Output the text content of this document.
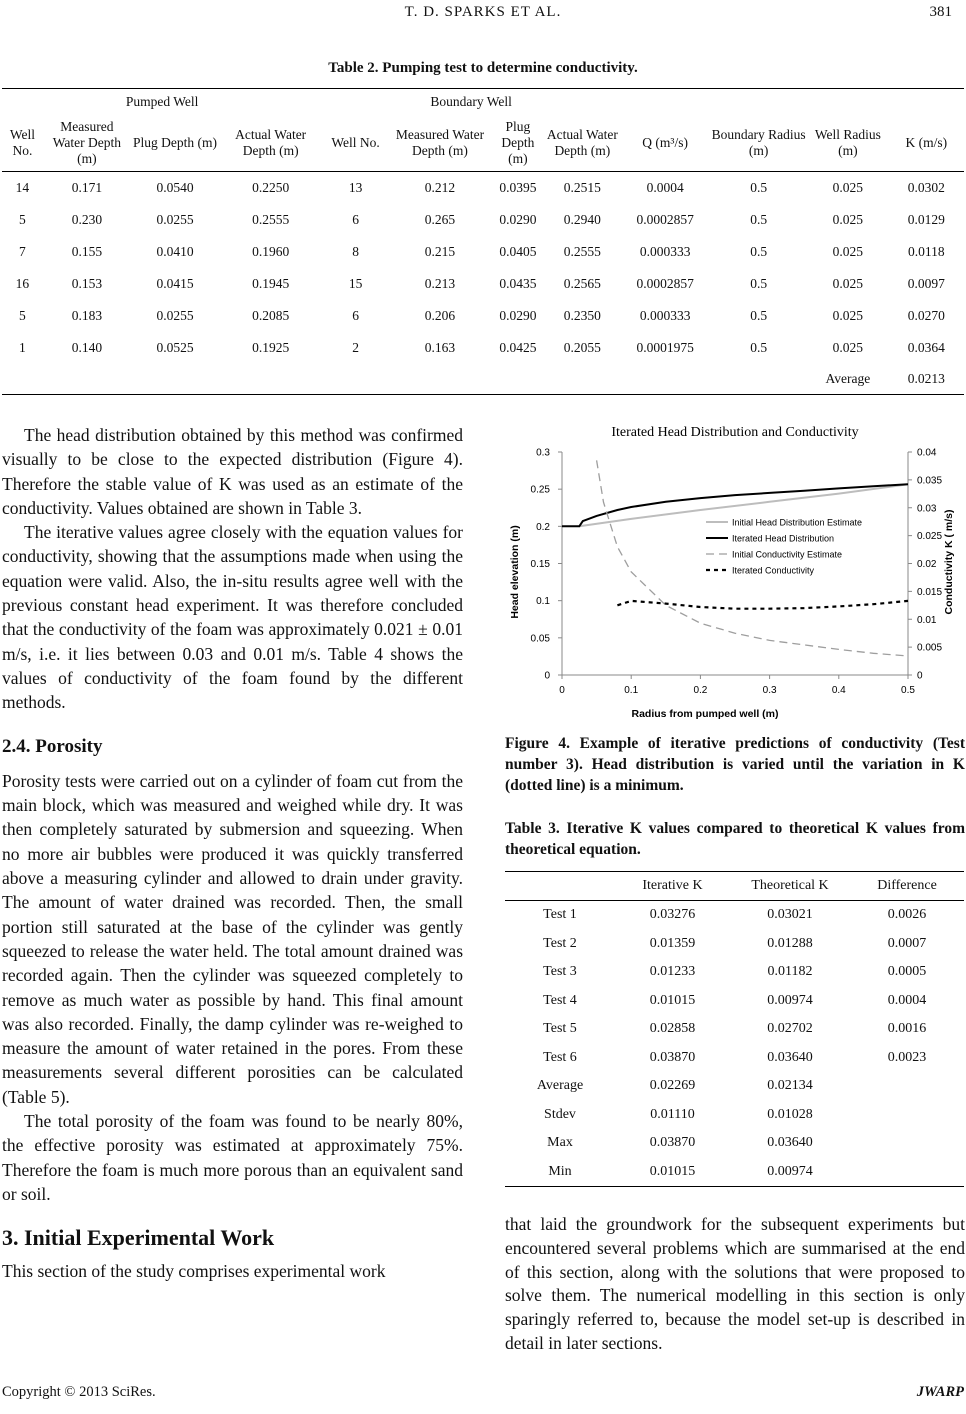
T. D. SPARKS ET AL.	381
Table 2. Pumping test to determine conductivity.
Pumped Well				Boundary Well							
Well No.	Measured Water Depth (m)	Plug Depth (m)	Actual Water Depth (m)	Well No.	Measured Water Depth (m)	Plug Depth (m)	Actual Water Depth (m)	Q (m³/s)	Boundary Radius (m)	Well Radius (m)	K (m/s)
14	0.171	0.0540	0.2250	13	0.212	0.0395	0.2515	0.0004	0.5	0.025	0.0302
5	0.230	0.0255	0.2555	6	0.265	0.0290	0.2940	0.0002857	0.5	0.025	0.0129
7	0.155	0.0410	0.1960	8	0.215	0.0405	0.2555	0.000333	0.5	0.025	0.0118
16	0.153	0.0415	0.1945	15	0.213	0.0435	0.2565	0.0002857	0.5	0.025	0.0097
5	0.183	0.0255	0.2085	6	0.206	0.0290	0.2350	0.000333	0.5	0.025	0.0270
1	0.140	0.0525	0.1925	2	0.163	0.0425	0.2055	0.0001975	0.5	0.025	0.0364
										Average	0.0213

The head distribution obtained by this method was confirmed visually to be close to the expected distribution (Figure 4). Therefore the stable value of K was used as an estimate of the conductivity. Values obtained are shown in Table 3.

The iterative values agree closely with the equation values for conductivity, showing that the assumptions made when using the equation were valid. Also, the in-situ results agree well with the previous constant head experiment. It was therefore concluded that the conductivity of the foam was approximately 0.021 ± 0.01 m/s, i.e. it lies between 0.03 and 0.01 m/s. Table 4 shows the values of conductivity of the foam found by the different methods.

2.4. Porosity

Porosity tests were carried out on a cylinder of foam cut from the main block, which was measured and weighed while dry. It was then completely saturated by submersion and squeezing. When no more air bubbles were produced it was quickly transferred above a measuring cylinder and allowed to drain under gravity. The amount of water drained was recorded. Then, the small portion still saturated at the base of the cylinder was gently squeezed to release the water held. The total amount drained was recorded again. Then the cylinder was squeezed completely to remove as much water as possible by hand. This final amount was also recorded. Finally, the damp cylinder was re-weighed to measure the amount of water retained in the pores. From these measurements several different porosities can be calculated (Table 5).

The total porosity of the foam was found to be nearly 80%, the effective porosity was estimated at approximately 75%. Therefore the foam is much more porous than an equivalent sand or soil.

3. Initial Experimental Work

This section of the study comprises experimental work

Iterated Head Distribution and Conductivity
0	0.1	0.2	0.3	0.4	0.5
0
0.05
0.1
0.15
0.2
0.25
0.3
0
0.005
0.01
0.015
0.02
0.025
0.03
0.035
0.04
Radius from pumped well (m)
Head elevation (m)	Conductivity K ( m/s)
Initial Head Distribution Estimate
Iterated Head Distribution
Initial Conductivity Estimate
Iterated Conductivity
Figure 4. Example of iterative predictions of conductivity (Test number 3). Head distribution is varied until the variation in K (dotted line) is a minimum.
Table 3. Iterative K values compared to theoretical K values from theoretical equation.
	Iterative K	Theoretical K	Difference
Test 1	0.03276	0.03021	0.0026
Test 2	0.01359	0.01288	0.0007
Test 3	0.01233	0.01182	0.0005
Test 4	0.01015	0.00974	0.0004
Test 5	0.02858	0.02702	0.0016
Test 6	0.03870	0.03640	0.0023
Average	0.02269	0.02134	
Stdev	0.01110	0.01028	
Max	0.03870	0.03640	
Min	0.01015	0.00974	

that laid the groundwork for the subsequent experiments but encountered several problems which are summarised at the end of this section, along with the solutions that were proposed to solve them. The numerical modelling in this section is only sparingly referred to, because the model set-up is described in detail in later sections.

Copyright © 2013 SciRes.	JWARP
